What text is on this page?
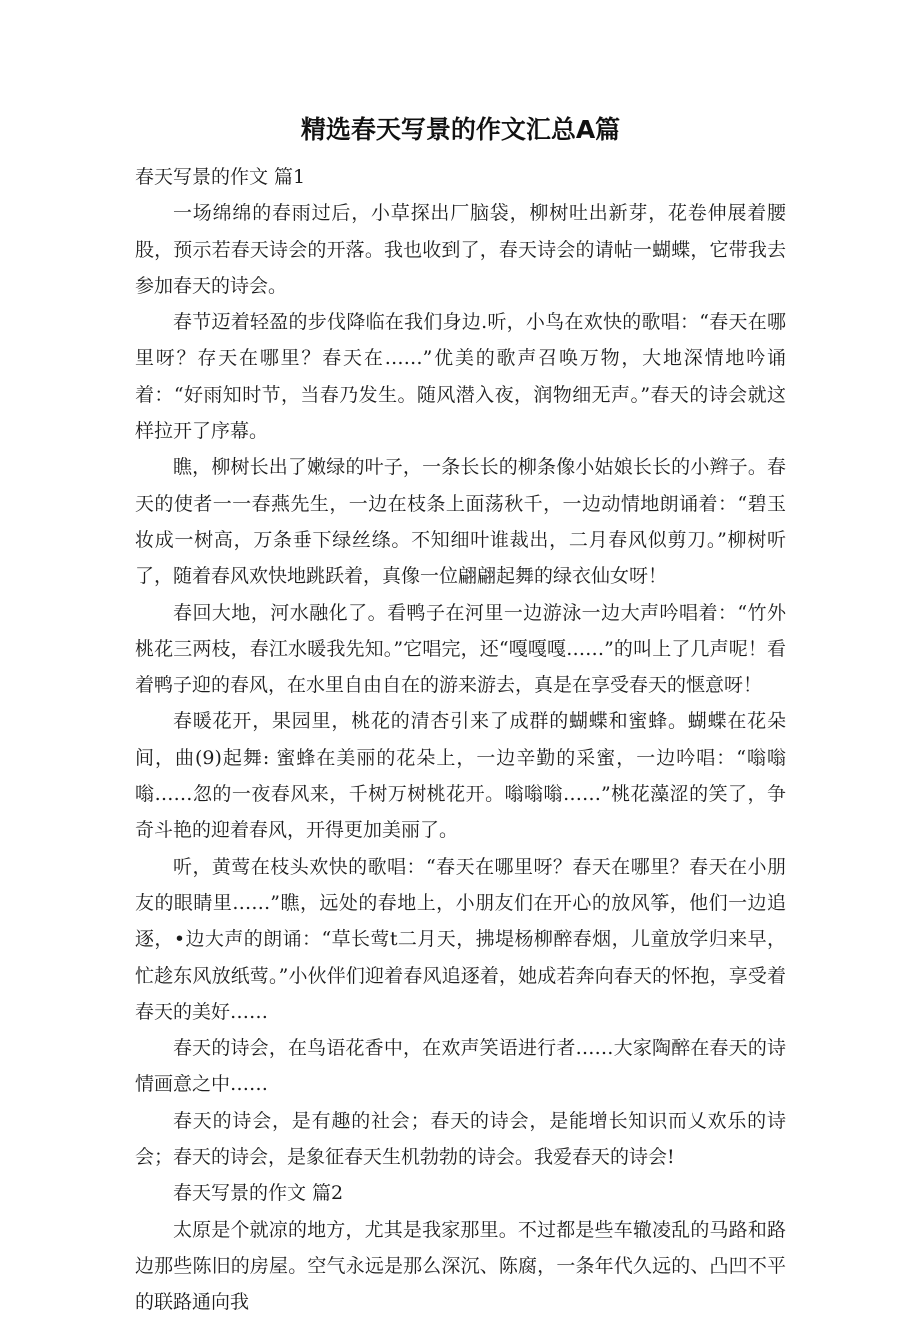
精选春天写景的作文汇总A篇
春天写景的作文 篇1

一场绵绵的春雨过后，小草探出厂脑袋，柳树吐出新芽，花卷伸展着腰股，预示若春天诗会的开落。我也收到了，春天诗会的请帖一蝴蝶，它带我去参加春天的诗会。

春节迈着轻盈的步伐降临在我们身边.听，小鸟在欢快的歌唱：“春天在哪里呀？存天在哪里？春天在……”优美的歌声召唤万物，大地深情地吟诵着：“好雨知时节，当春乃发生。随风潜入夜，润物细无声。”春天的诗会就这样拉开了序幕。

瞧，柳树长出了嫩绿的叶子，一条长长的柳条像小姑娘长长的小辫子。春天的使者一一春燕先生，一边在枝条上面荡秋千，一边动情地朗诵着：“碧玉妆成一树高，万条垂下绿丝绦。不知细叶谁裁出，二月春风似剪刀。”柳树听了，随着春风欢快地跳跃着，真像一位翩翩起舞的绿衣仙女呀！

春回大地，河水融化了。看鸭子在河里一边游泳一边大声吟唱着：“竹外桃花三两枝，春江水暖我先知。”它唱完，还“嘎嘎嘎……”的叫上了几声呢！看着鸭子迎的春风，在水里自由自在的游来游去，真是在享受春天的惬意呀！

春暖花开，果园里，桃花的清杏引来了成群的蝴蝶和蜜蜂。蝴蝶在花朵间，曲(9)起舞: 蜜蜂在美丽的花朵上，一边辛勤的采蜜，一边吟唱：“嗡嗡嗡……忽的一夜春风来，千树万树桃花开。嗡嗡嗡……”桃花藻涩的笑了，争奇斗艳的迎着春风，开得更加美丽了。

听，黄莺在枝头欢快的歌唱：“春天在哪里呀？春天在哪里？春天在小朋友的眼睛里……”瞧，远处的春地上，小朋友们在开心的放风筝，他们一边追逐，•边大声的朗诵：“草长莺t二月天，拂堤杨柳醉春烟，儿童放学归来早，忙趁东风放纸莺。”小伙伴们迎着春风追逐着，她成若奔向春天的怀抱，享受着春天的美好……

春天的诗会，在鸟语花香中，在欢声笑语进行者……大家陶醉在春天的诗情画意之中……

春天的诗会，是有趣的社会；春天的诗会，是能增长知识而乂欢乐的诗会；春天的诗会，是象征春天生机勃勃的诗会。我爱春天的诗会!

春天写景的作文 篇2

太原是个就凉的地方，尤其是我家那里。不过都是些车辙凌乱的马路和路边那些陈旧的房屋。空气永远是那么深沉、陈腐，一条年代久远的、凸凹不平的联路通向我
